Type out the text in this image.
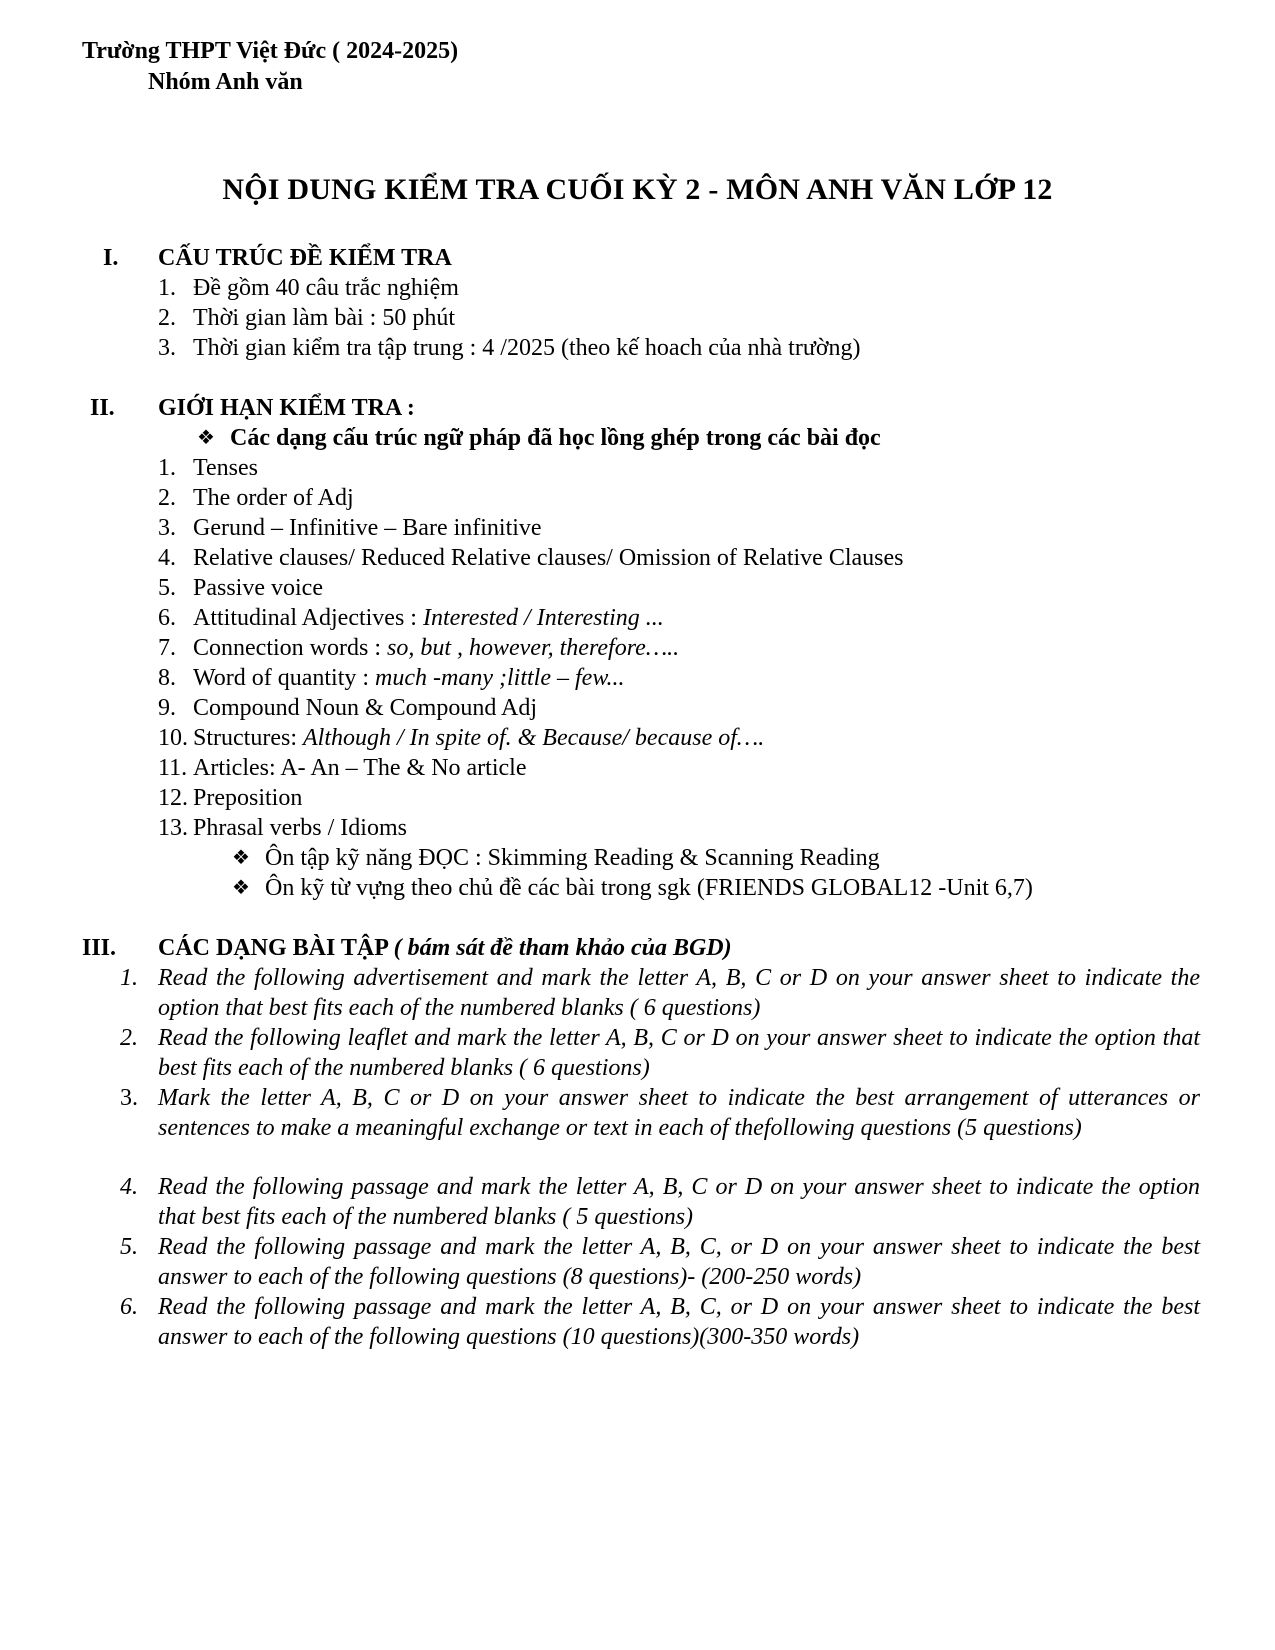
Trường THPT Việt Đức ( 2024-2025)
Nhóm Anh văn
NỘI DUNG KIỂM TRA CUỐI KỲ 2 - MÔN ANH VĂN LỚP 12
I. CẤU TRÚC ĐỀ KIỂM TRA
1. Đề gồm 40 câu trắc nghiệm
2. Thời gian làm bài : 50 phút
3. Thời gian kiểm tra tập trung : 4 /2025 (theo kế hoach của nhà trường)
II. GIỚI HẠN KIỂM TRA :
❖ Các dạng cấu trúc ngữ pháp đã học lồng ghép trong các bài đọc
1. Tenses
2. The order of Adj
3. Gerund – Infinitive – Bare infinitive
4. Relative clauses/ Reduced Relative clauses/ Omission of Relative Clauses
5. Passive voice
6. Attitudinal Adjectives : Interested / Interesting ...
7. Connection words : so, but , however, therefore…..
8. Word of quantity : much -many ;little – few...
9. Compound Noun & Compound Adj
10. Structures: Although / In spite of. & Because/ because of….
11. Articles: A- An – The & No article
12. Preposition
13. Phrasal verbs / Idioms
❖ Ôn tập kỹ năng ĐỌC : Skimming Reading & Scanning Reading
❖ Ôn kỹ từ vựng theo chủ đề các bài trong sgk (FRIENDS GLOBAL12 -Unit 6,7)
III. CÁC DẠNG BÀI TẬP ( bám sát đề tham khảo của BGD)
1. Read the following advertisement and mark the letter A, B, C or D on your answer sheet to indicate the option that best fits each of the numbered blanks ( 6 questions)
2. Read the following leaflet and mark the letter A, B, C or D on your answer sheet to indicate the option that best fits each of the numbered blanks ( 6 questions)
3. Mark the letter A, B, C or D on your answer sheet to indicate the best arrangement of utterances or sentences to make a meaningful exchange or text in each of thefollowing questions (5 questions)
4. Read the following passage and mark the letter A, B, C or D on your answer sheet to indicate the option that best fits each of the numbered blanks ( 5 questions)
5. Read the following passage and mark the letter A, B, C, or D on your answer sheet to indicate the best answer to each of the following questions (8 questions)- (200-250 words)
6. Read the following passage and mark the letter A, B, C, or D on your answer sheet to indicate the best answer to each of the following questions (10 questions)(300-350 words)
